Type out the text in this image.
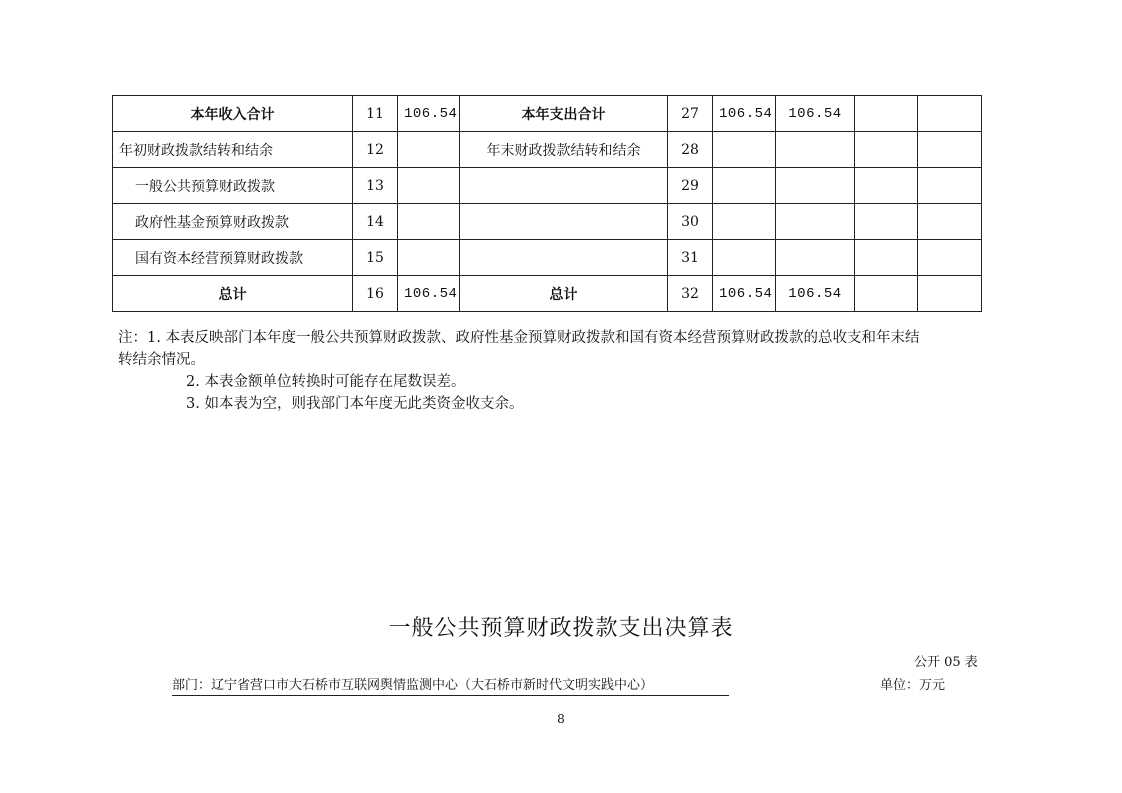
本年收入合计	11	106.54	本年支出合计	27	106.54	106.54		
年初财政拨款结转和结余	12		年末财政拨款结转和结余	28				
一般公共预算财政拨款	13			29				
政府性基金预算财政拨款	14			30				
国有资本经营预算财政拨款	15			31				
总计	16	106.54	总计	32	106.54	106.54		
注：1. 本表反映部门本年度一般公共预算财政拨款、政府性基金预算财政拨款和国有资本经营预算财政拨款的总收支和年末结
转结余情况。
2. 本表金额单位转换时可能存在尾数误差。
3. 如本表为空，则我部门本年度无此类资金收支余。
一般公共预算财政拨款支出决算表
公开 05 表
部门：辽宁省营口市大石桥市互联网舆情监测中心（大石桥市新时代文明实践中心）	单位：万元
8
